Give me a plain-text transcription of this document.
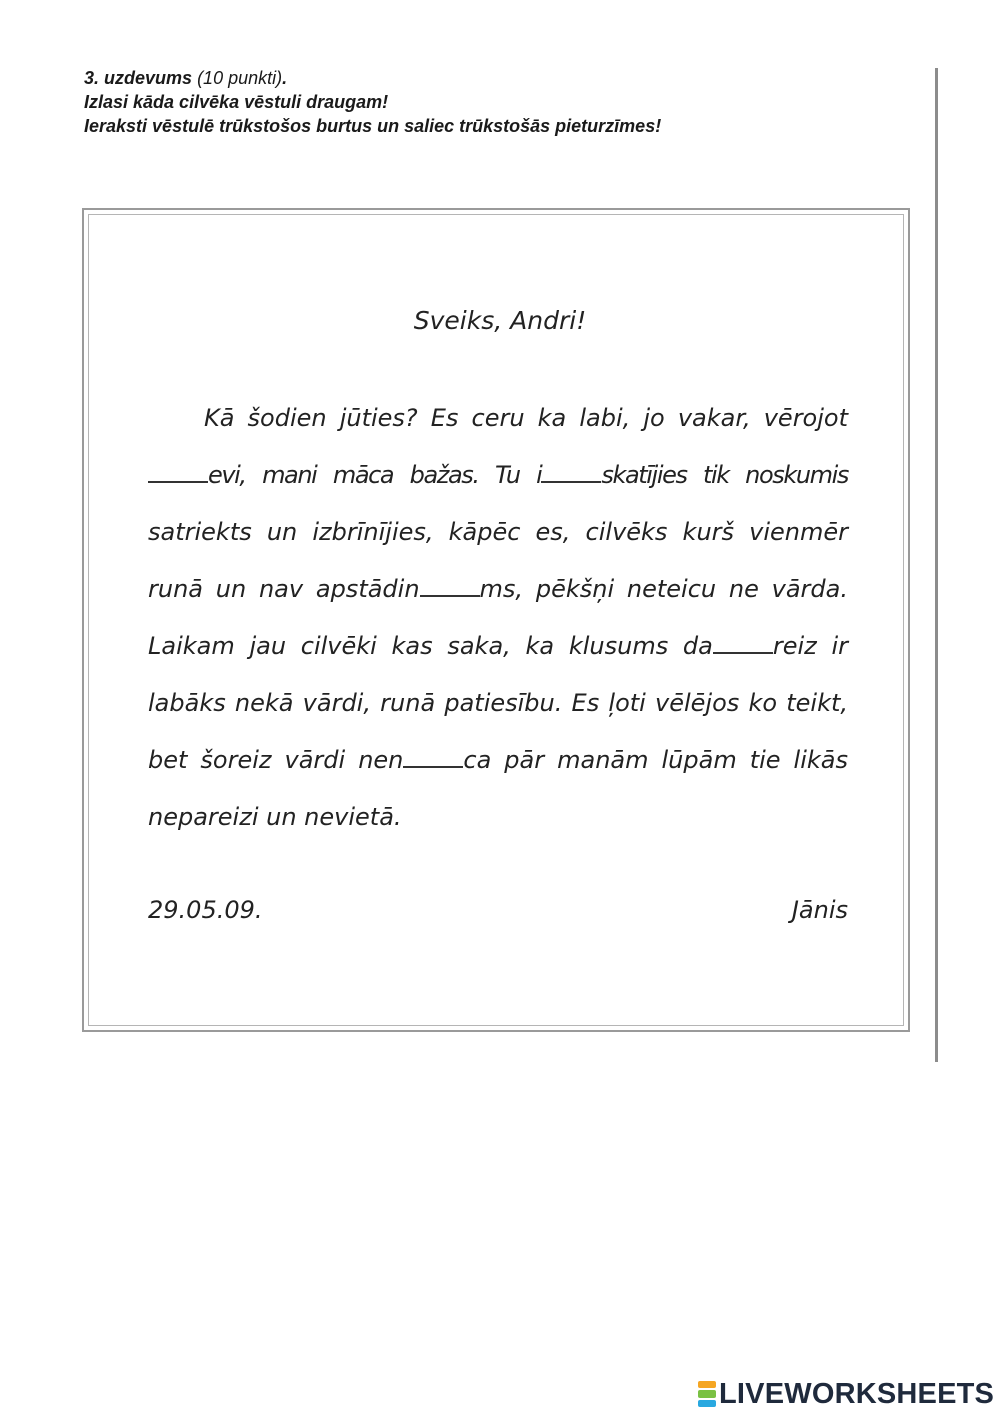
3. uzdevums (10 punkti).
Izlasi kāda cilvēka vēstuli draugam!
Ieraksti vēstulē trūkstošos burtus un saliec trūkstošās pieturzīmes!
Sveiks, Andri!
Kā šodien jūties? Es ceru ka labi, jo vakar, vērojot
evi, mani māca bažas. Tu i	skatījies tik noskumis
satriekts un izbrīnījies, kāpēc es, cilvēks kurš vienmēr
runā un nav apstādin	ms, pēkšņi neteicu ne vārda.
Laikam jau cilvēki kas saka, ka klusums da	reiz ir
labāks nekā vārdi, runā patiesību. Es ļoti vēlējos ko teikt,
bet šoreiz vārdi nen	ca pār manām lūpām tie likās
nepareizi un nevietā.
29.05.09.	Jānis
LIVEWORKSHEETS
